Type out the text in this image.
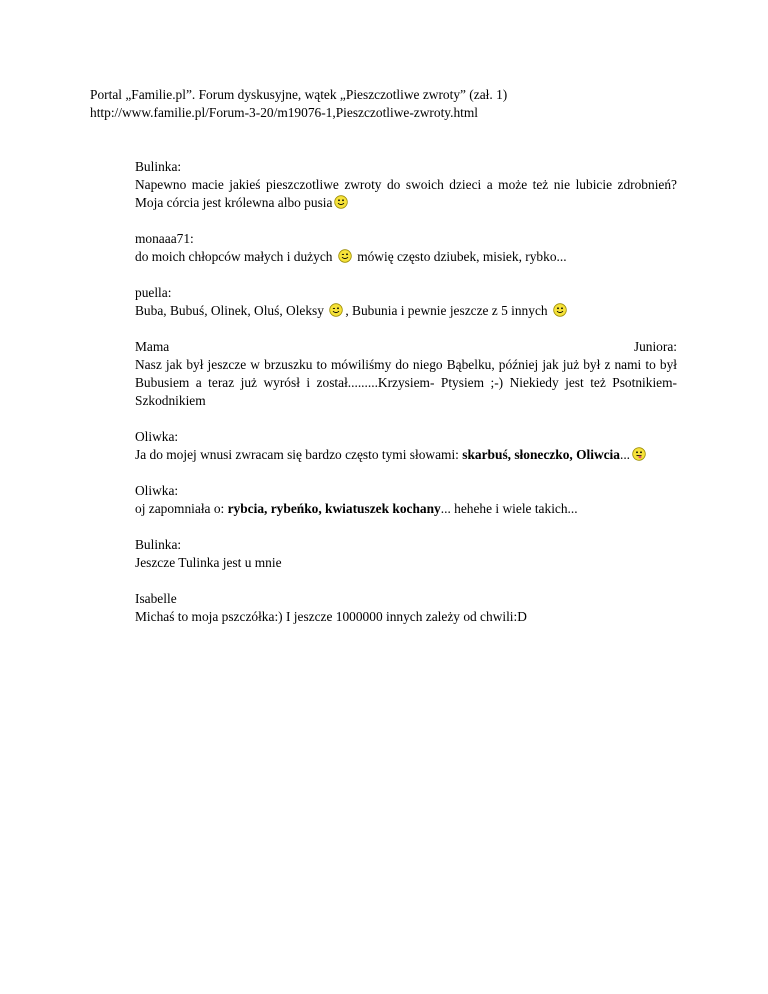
Portal „Familie.pl”. Forum dyskusyjne, wątek „Pieszczotliwe zwroty” (zał. 1)
http://www.familie.pl/Forum-3-20/m19076-1,Pieszczotliwe-zwroty.html
Bulinka:
Napewno macie jakieś pieszczotliwe zwroty do swoich dzieci a może też nie lubicie zdrobnień? Moja córcia jest królewna albo pusia
monaaa71:
do moich chłopców małych i dużych mówię często dziubek, misiek, rybko...
puella:
Buba, Bubuś, Olinek, Oluś, Oleksy , Bubunia i pewnie jeszcze z 5 innych
Mama	Juniora:
Nasz jak był jeszcze w brzuszku to mówiliśmy do niego Bąbelku, później jak już był z nami to był Bubusiem a teraz już wyrósł i został.........Krzysiem- Ptysiem ;-) Niekiedy jest też Psotnikiem-Szkodnikiem
Oliwka:
Ja do mojej wnusi zwracam się bardzo często tymi słowami: skarbuś, słoneczko, Oliwcia...
Oliwka:
oj zapomniała o: rybcia, rybeńko, kwiatuszek kochany... hehehe i wiele takich...
Bulinka:
Jeszcze Tulinka jest u mnie
Isabelle
Michaś to moja pszczółka:) I jeszcze 1000000 innych zależy od chwili:D
